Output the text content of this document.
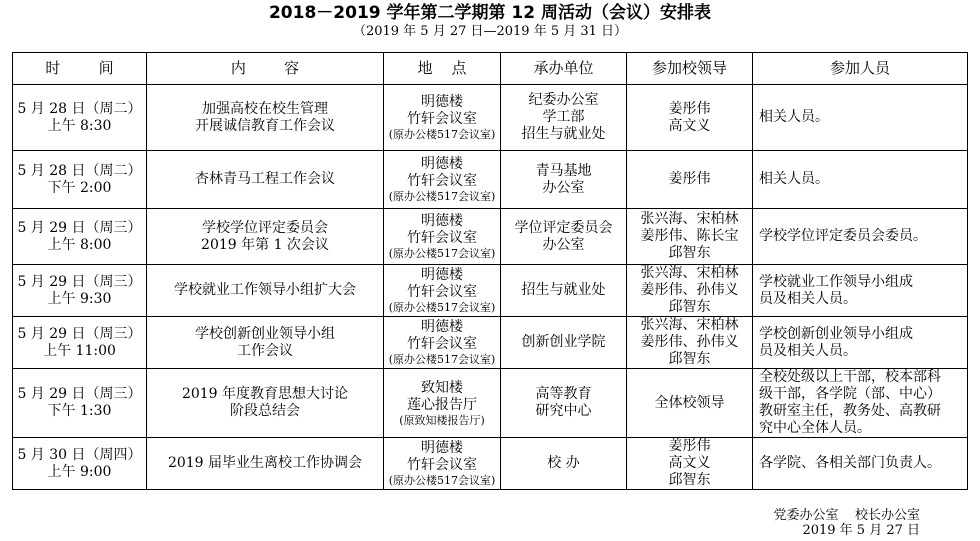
2018－2019 学年第二学期第 12 周活动（会议）安排表
（2019 年 5 月 27 日—2019 年 5 月 31 日）
时        间	内        容	地    点	承办单位	参加校领导	参加人员

5 月 28 日（周二）
上午 8:30	加强高校在校生管理
开展诚信教育工作会议	明德楼
竹轩会议室
(原办公楼517会议室)	纪委办公室
学工部
招生与就业处	姜彤伟
高文义	相关人员。

5 月 28 日（周二）
下午 2:00	杏林青马工程工作会议	明德楼
竹轩会议室
(原办公楼517会议室)	青马基地
办公室	姜彤伟	相关人员。

5 月 29 日（周三）
上午 8:00	学校学位评定委员会
2019 年第 1 次会议	明德楼
竹轩会议室
(原办公楼517会议室)	学位评定委员会
办公室	张兴海、宋柏林
姜彤伟、陈长宝
邱智东	学校学位评定委员会委员。

5 月 29 日（周三）
上午 9:30	学校就业工作领导小组扩大会	明德楼
竹轩会议室
(原办公楼517会议室)	招生与就业处	张兴海、宋柏林
姜彤伟、孙伟义
邱智东	学校就业工作领导小组成
员及相关人员。

5 月 29 日（周三）
上午 11:00	学校创新创业领导小组
工作会议	明德楼
竹轩会议室
(原办公楼517会议室)	创新创业学院	张兴海、宋柏林
姜彤伟、孙伟义
邱智东	学校创新创业领导小组成
员及相关人员。

5 月 29 日（周三）
下午 1:30	2019 年度教育思想大讨论
阶段总结会	致知楼
莲心报告厅
(原致知楼报告厅)	高等教育
研究中心	全体校领导	全校处级以上干部，校本部科
级干部，各学院（部、中心）
教研室主任，教务处、高教研
究中心全体人员。

5 月 30 日（周四）
上午 9:00	2019 届毕业生离校工作协调会	明德楼
竹轩会议室
(原办公楼517会议室)	校 办	姜彤伟
高文义
邱智东	各学院、各相关部门负责人。
党委办公室    校长办公室
2019 年 5 月 27 日
